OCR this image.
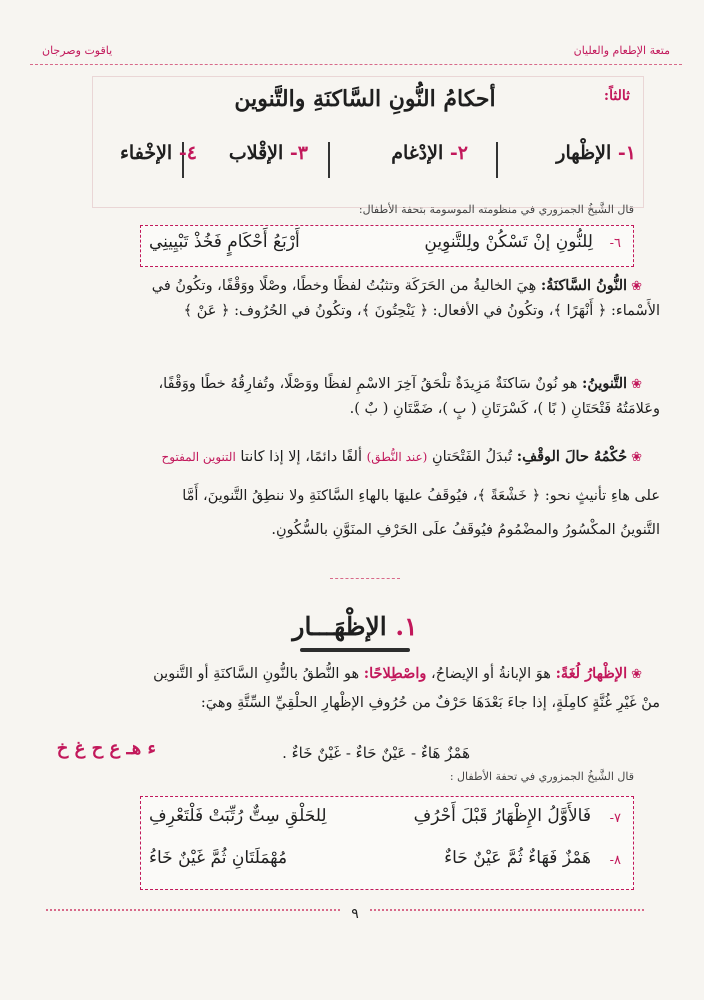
متعة الإطعام والعلیان
یاقوت وصرجان
ثالثاً:
أحكامُ النُّونِ السَّاكنَةِ والتَّنوين
١- الإظْهار
٢- الإدْغام
٣- الإقْلاب
٤- الإخْفاء
قال الشَّيخُ الجمزوري في منظومته الموسومة بتحفة الأطفال:
٦-
لِلنُّونِ إنْ تَسْكُنْ ولِلتَّنوِينِ
أَرْبَعُ أَحْكَامٍ فَخُذْ تَبْيِينِي
❀النُّونُ السَّاكنَةُ: هِيَ الخاليةُ من الحَرَكَة وتثبُتُ لفظًا وخطًا، وصْلًا ووَقْفًا، وتكُونُ في
الأَسْماء: ﴿ أَنْهَرًا ﴾، وتكُونُ في الأفعال: ﴿ يَنْحِتُونَ ﴾، وتكُونُ في الحُرُوف: ﴿ عَنْ ﴾
❀التَّنوينُ: هو نُونٌ سَاكنَةٌ مَزِيدَةٌ تلْحَقُ آخِرَ الاسْمِ لفظًا ووَصْلًا، وتُفارِقُهُ خطًا ووَقْفًا،
وعَلامَتُهُ فَتْحَتَانِ ( بًا )، كَسْرَتَانِ ( بٍ )، ضَمَّتَانِ ( بٌ ).
❀حُكْمُهُ حالَ الوقْفِ: تُبدَلُ الفَتْحَتانِ (عند النُّطق) ألفًا دائمًا، إلا إذا كانتا التنوين المفتوح
على هاءِ تأنيثٍ نحو: ﴿ خَشْعَةً ﴾، فيُوقَفُ عليهَا بالهاءِ السَّاكنَةِ ولا ننطِقُ التَّنوينَ، أَمَّا
التَّنوينُ المكْسُورُ والمضْمُومُ فيُوقَفُ علَى الحَرْفِ المنَوَّنِ بالسُّكُونِ.
١. الإظْهَـــار
❀الإظْهارُ لُغَةً: هوَ الإبانةُ أو الإيضاحُ، واصْطِلاحًا: هو النُّطقُ بالنُّونِ السَّاكنَةِ أو التَّنوين
منْ غَيْرِ غُنَّةٍ كامِلَةٍ، إذا جاءَ بَعْدَهَا حَرْفٌ من حُرُوفِ الإظْهارِ الحلْقِيِّ السِّتَّةِ وهيَ:
ء هـ ع ح غ خ	هَمْزٌ هَاءٌ - عَيْنٌ حَاءٌ - غَيْنٌ خَاءٌ .
قال الشَّيخُ الجمزوري في تحفة الأطفال :
٧-
فَالأَوَّلُ الإِظْهَارُ قَبْلَ أَحْرُفِ
لِلحَلْقِ سِتٌّ رُتِّبَتْ فَلْتَعْرِفِ
٨-
هَمْزٌ فَهَاءٌ ثُمَّ عَيْنٌ حَاءٌ
مُهْمَلَتَانِ ثُمَّ غَيْنٌ خَاءُ
٩
